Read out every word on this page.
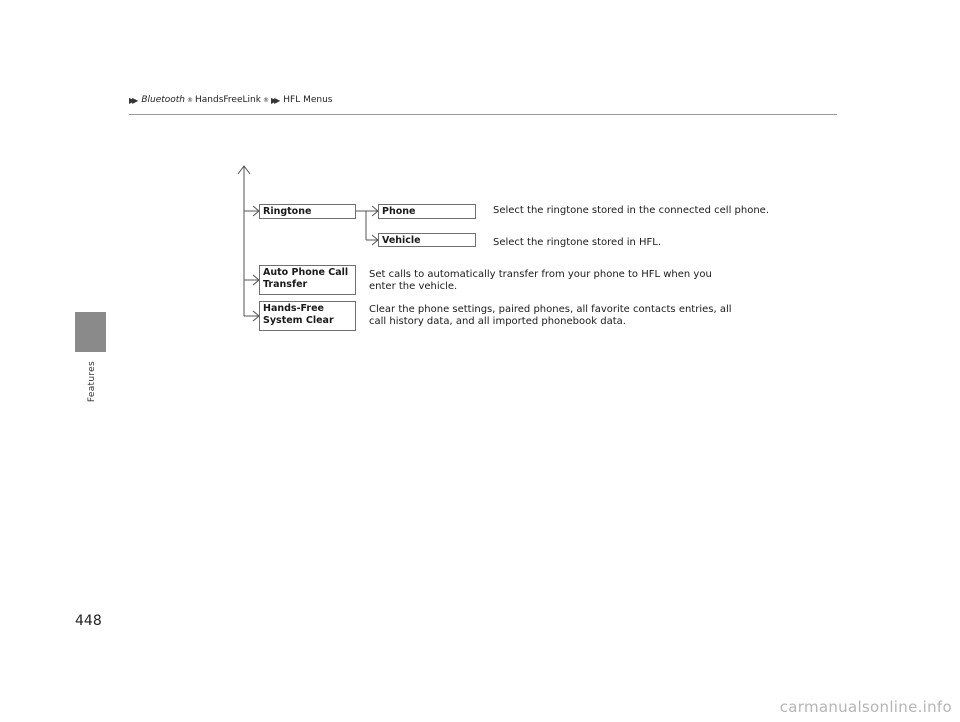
Features
▶▶ Bluetooth ® HandsFreeLink ® ▶▶ HFL Menus
Ringtone	Phone	Select the ringtone stored in the connected cell phone.
Vehicle	Select the ringtone stored in HFL.
Auto Phone Call
Transfer
Set calls to automatically transfer from your phone to HFL when you
enter the vehicle.
Hands-Free
System Clear
Clear the phone settings, paired phones, all favorite contacts entries, all
call history data, and all imported phonebook data.
448
carmanualsonline.info
